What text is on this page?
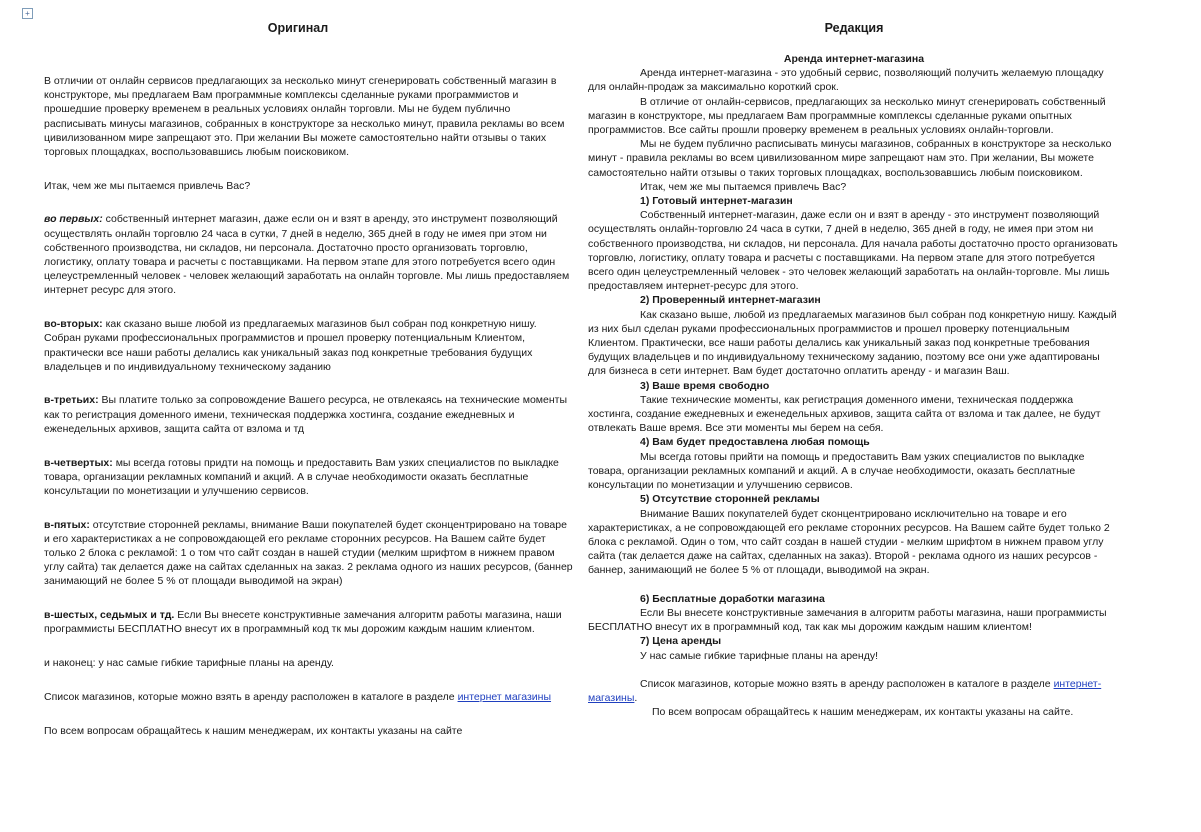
+

Оригинал

В отличии от онлайн сервисов предлагающих за несколько минут сгенерировать собственный магазин в конструкторе, мы предлагаем Вам программные комплексы сделанные руками программистов и прошедшие проверку временем в реальных условиях онлайн торговли. Мы не будем публично расписывать минусы магазинов, собранных в конструкторе за несколько минут, правила рекламы во всем цивилизованном мире запрещают это. При желании Вы можете самостоятельно найти отзывы о таких торговых площадках, воспользовавшись любым поисковиком.

Итак, чем же мы пытаемся привлечь Вас?

во первых: собственный интернет магазин, даже если он и взят в аренду, это инструмент позволяющий осуществлять онлайн торговлю 24 часа в сутки, 7 дней в неделю, 365 дней в году не имея при этом ни собственного производства, ни складов, ни персонала. Достаточно просто организовать торговлю, логистику, оплату товара и расчеты с поставщиками. На первом этапе для этого потребуется всего один целеустремленный человек - человек желающий заработать на онлайн торговле. Мы лишь предоставляем интернет ресурс для этого.

во-вторых: как сказано выше любой из предлагаемых магазинов был собран под конкретную нишу. Собран руками профессиональных программистов и прошел проверку потенциальным Клиентом, практически все наши работы делались как уникальный заказ под конкретные требования будущих владельцев и по индивидуальному техническому заданию

в-третьих: Вы платите только за сопровождение Вашего ресурса, не отвлекаясь на технические моменты как то регистрация доменного имени, техническая поддержка хостинга, создание ежедневных и еженедельных архивов, защита сайта от взлома и тд

в-четвертых: мы всегда готовы придти на помощь и предоставить Вам узких специалистов по выкладке товара, организации рекламных компаний и акций. А в случае необходимости оказать бесплатные консультации по монетизации и улучшению сервисов.

в-пятых: отсутствие сторонней рекламы, внимание Ваши покупателей будет сконцентрировано на товаре и его характеристиках а не сопровождающей его рекламе сторонних ресурсов. На Вашем сайте будет только 2 блока с рекламой: 1 о том что сайт создан в нашей студии (мелким шрифтом в нижнем правом углу сайта) так делается даже на сайтах сделанных на заказ. 2 реклама одного из наших ресурсов, (баннер занимающий не более 5 % от площади выводимой на экран)

в-шестых, седьмых и тд. Если Вы внесете конструктивные замечания алгоритм работы магазина, наши программисты БЕСПЛАТНО внесут их в программный код тк мы дорожим каждым нашим клиентом.

и наконец: у нас самые гибкие тарифные планы на аренду.

Список магазинов, которые можно взять в аренду расположен в каталоге в разделе интернет магазины

По всем вопросам обращайтесь к нашим менеджерам, их контакты указаны на сайте

Редакция

Аренда интернет-магазина

Аренда интернет-магазина - это удобный сервис, позволяющий получить желаемую площадку для онлайн-продаж за максимально короткий срок.

В отличие от онлайн-сервисов, предлагающих за несколько минут сгенерировать собственный магазин в конструкторе, мы предлагаем Вам программные комплексы сделанные руками опытных программистов. Все сайты прошли проверку временем в реальных условиях онлайн-торговли.

Мы не будем публично расписывать минусы магазинов, собранных в конструкторе за несколько минут - правила рекламы во всем цивилизованном мире запрещают нам это. При желании, Вы можете самостоятельно найти отзывы о таких торговых площадках, воспользовавшись любым поисковиком.

Итак, чем же мы пытаемся привлечь Вас?

1) Готовый интернет-магазин

Собственный интернет-магазин, даже если он и взят в аренду - это инструмент позволяющий осуществлять онлайн-торговлю 24 часа в сутки, 7 дней в неделю, 365 дней в году, не имея при этом ни собственного производства, ни складов, ни персонала. Для начала работы достаточно просто организовать торговлю, логистику, оплату товара и расчеты с поставщиками. На первом этапе для этого потребуется всего один целеустремленный человек - это человек желающий заработать на онлайн-торговле. Мы лишь предоставляем интернет-ресурс для этого.

2) Проверенный интернет-магазин

Как сказано выше, любой из предлагаемых магазинов был собран под конкретную нишу. Каждый из них был сделан руками профессиональных программистов и прошел проверку потенциальным Клиентом. Практически, все наши работы делались как уникальный заказ под конкретные требования будущих владельцев и по индивидуальному техническому заданию, поэтому все они уже адаптированы для бизнеса в сети интернет. Вам будет достаточно оплатить аренду - и магазин Ваш.

3) Ваше время свободно

Такие технические моменты, как регистрация доменного имени, техническая поддержка хостинга, создание ежедневных и еженедельных архивов, защита сайта от взлома и так далее, не будут отвлекать Ваше время. Все эти моменты мы берем на себя.

4) Вам будет предоставлена любая помощь

Мы всегда готовы прийти на помощь и предоставить Вам узких специалистов по выкладке товара, организации рекламных компаний и акций. А в случае необходимости, оказать бесплатные консультации по монетизации и улучшению сервисов.

5) Отсутствие сторонней рекламы

Внимание Ваших покупателей будет сконцентрировано исключительно на товаре и его характеристиках, а не сопровождающей его рекламе сторонних ресурсов. На Вашем сайте будет только 2 блока с рекламой. Один о том, что сайт создан в нашей студии - мелким шрифтом в нижнем правом углу сайта (так делается даже на сайтах, сделанных на заказ). Второй - реклама одного из наших ресурсов - баннер, занимающий не более 5 % от площади, выводимой на экран.

6) Бесплатные доработки магазина

Если Вы внесете конструктивные замечания в алгоритм работы магазина, наши программисты БЕСПЛАТНО внесут их в программный код, так как мы дорожим каждым нашим клиентом!

7) Цена аренды

У нас самые гибкие тарифные планы на аренду!

Список магазинов, которые можно взять в аренду расположен в каталоге в разделе интернет-магазины.

По всем вопросам обращайтесь к нашим менеджерам, их контакты указаны на сайте.
